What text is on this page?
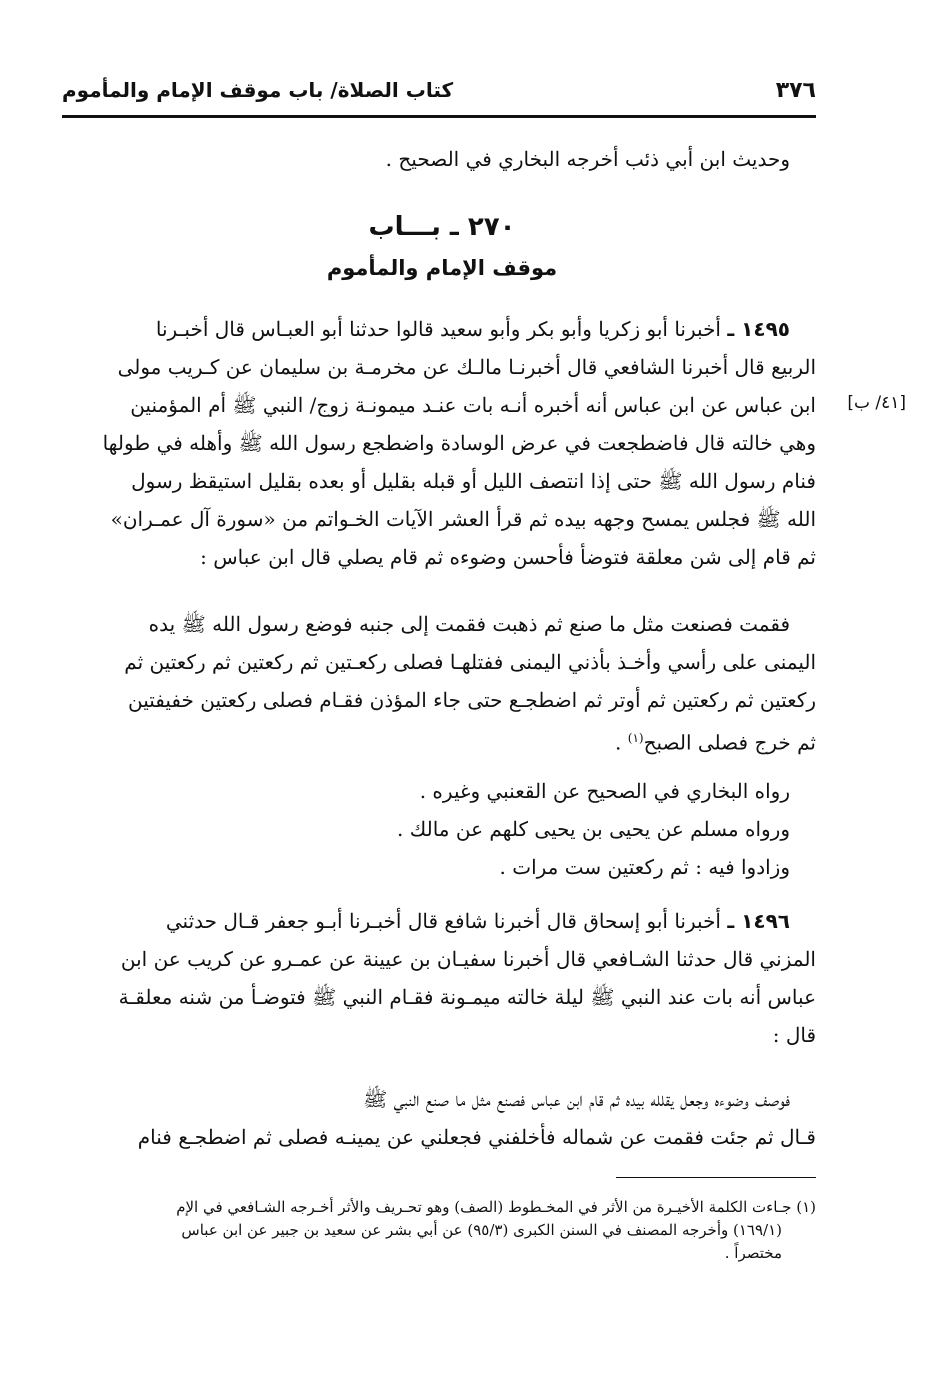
٣٧٦
كتاب الصلاة/ باب موقف الإمام والمأموم
[٤١/ ب]
وحديث ابن أبي ذئب أخرجه البخاري في الصحيح .
٢٧٠ ـ بـــاب
موقف الإمام والمأموم
١٤٩٥ ـ أخبرنا أبو زكريا وأبو بكر وأبو سعيد قالوا حدثنا أبو العبـاس قال أخبـرنا
الربيع قال أخبرنا الشافعي قال أخبرنـا مالـك عن مخرمـة بن سليمان عن كـريب مولى
ابن عباس عن ابن عباس أنه أخبره أنـه بات عنـد ميمونـة زوج/ النبي ﷺ أم المؤمنين
وهي خالته قال فاضطجعت في عرض الوسادة واضطجع رسول الله ﷺ وأهله في طولها
فنام رسول الله ﷺ حتى إذا انتصف الليل أو قبله بقليل أو بعده بقليل استيقظ رسول
الله ﷺ فجلس يمسح وجهه بيده ثم قرأ العشر الآيات الخـواتم من «سورة آل عمـران»
ثم قام إلى شن معلقة فتوضأ فأحسن وضوءه ثم قام يصلي قال ابن عباس :
فقمت فصنعت مثل ما صنع ثم ذهبت فقمت إلى جنبه فوضع رسول الله ﷺ يده
اليمنى على رأسي وأخـذ بأذني اليمنى ففتلهـا فصلى ركعـتين ثم ركعتين ثم ركعتين ثم
ركعتين ثم ركعتين ثم أوتر ثم اضطجـع حتى جاء المؤذن فقـام فصلى ركعتين خفيفتين
ثم خرج فصلى الصبح$^{(١)}$ .
رواه البخاري في الصحيح عن القعنبي وغيره .
ورواه مسلم عن يحيى بن يحيى كلهم عن مالك .
وزادوا فيه : ثم ركعتين ست مرات .
١٤٩٦ ـ أخبرنا أبو إسحاق قال أخبرنا شافع قال أخبـرنا أبـو جعفر قـال حدثني
المزني قال حدثنا الشـافعي قال أخبرنا سفيـان بن عيينة عن عمـرو عن كريب عن ابن
عباس أنه بات عند النبي ﷺ ليلة خالته ميمـونة فقـام النبي ﷺ فتوضـأ من شنه معلقـة
قال :
فوصف وضوءه وجعل يقلله بيده ثم قام ابن عباس فصنع مثل ما صنع النبي ﷺ
قـال ثم جئت فقمت عن شماله فأخلفني فجعلني عن يمينـه فصلى ثم اضطجـع فنام
(١) جـاءت الكلمة الأخيـرة من الأثر في المخـطوط (الصف) وهو تحـريف والأثر أخـرجه الشـافعي في الإم
(١٦٩/١) وأخرجه المصنف في السنن الكبرى (٩٥/٣) عن أبي بشر عن سعيد بن جبير عن ابن عباس
مختصراً .
